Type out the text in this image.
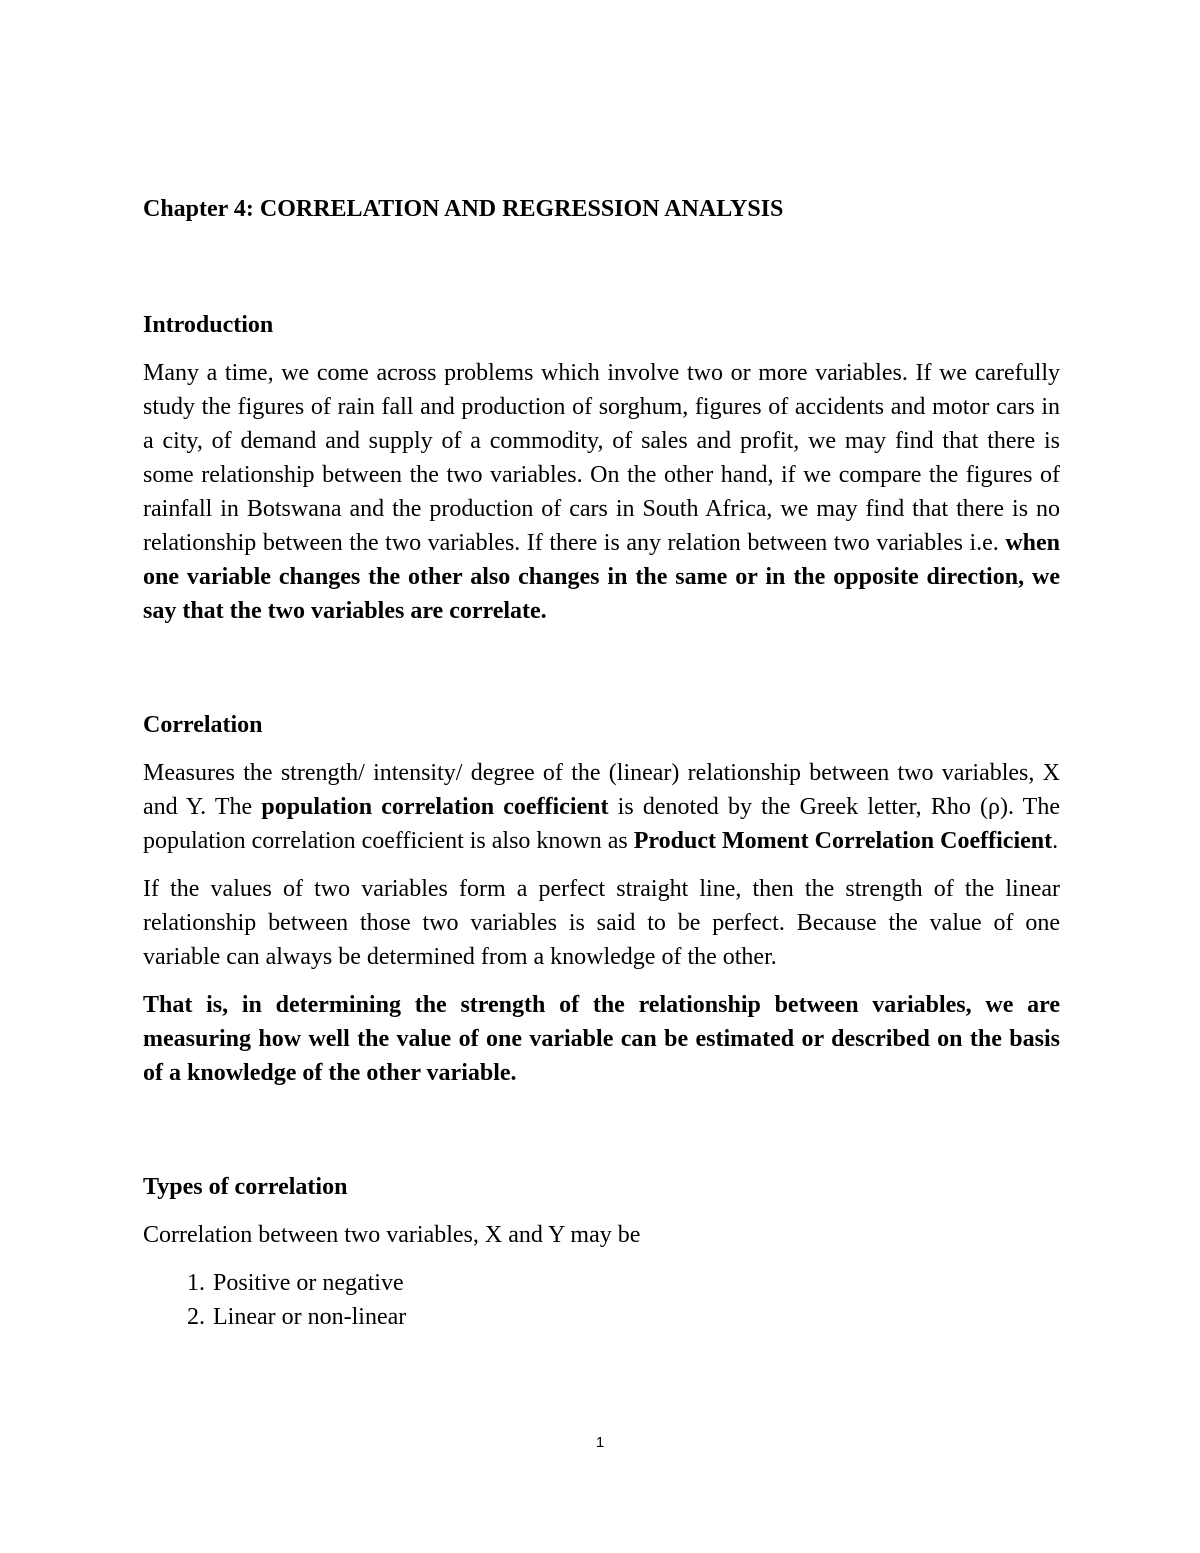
Chapter 4: CORRELATION AND REGRESSION ANALYSIS
Introduction

Many a time, we come across problems which involve two or more variables. If we carefully study the figures of rain fall and production of sorghum, figures of accidents and motor cars in a city, of demand and supply of a commodity, of sales and profit, we may find that there is some relationship between the two variables. On the other hand, if we compare the figures of rainfall in Botswana and the production of cars in South Africa, we may find that there is no relationship between the two variables. If there is any relation between two variables i.e. when one variable changes the other also changes in the same or in the opposite direction, we say that the two variables are correlate.

Correlation

Measures the strength/ intensity/ degree of the (linear) relationship between two variables, X and Y. The population correlation coefficient is denoted by the Greek letter, Rho (ρ). The population correlation coefficient is also known as Product Moment Correlation Coefficient.

If the values of two variables form a perfect straight line, then the strength of the linear relationship between those two variables is said to be perfect. Because the value of one variable can always be determined from a knowledge of the other.

That is, in determining the strength of the relationship between variables, we are measuring how well the value of one variable can be estimated or described on the basis of a knowledge of the other variable.

Types of correlation

Correlation between two variables, X and Y may be

1. Positive or negative
2. Linear or non-linear
1
